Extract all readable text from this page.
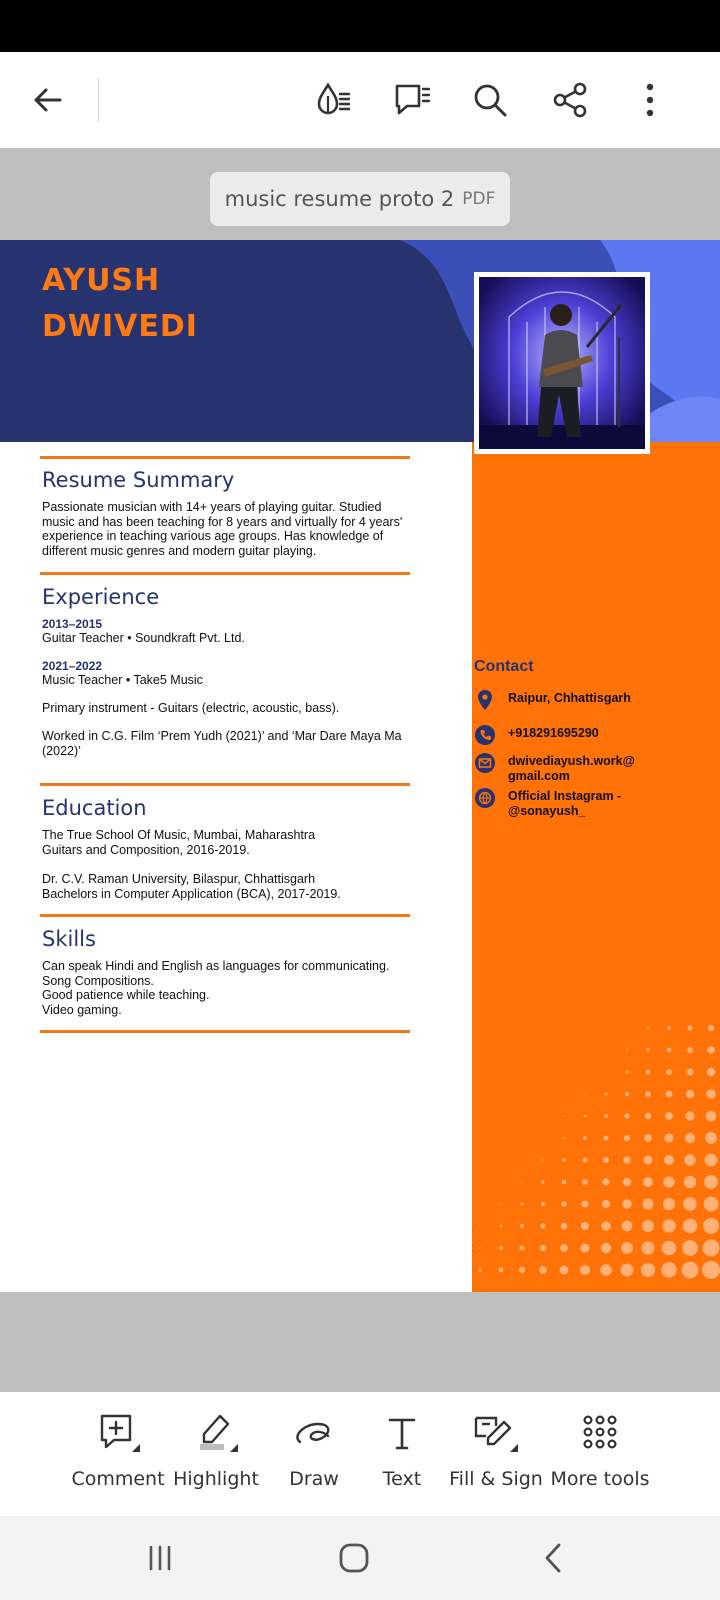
music resume proto 2 PDF
AYUSH
DWIVEDI
Resume Summary
Passionate musician with 14+ years of playing guitar. Studied music and has been teaching for 8 years and virtually for 4 years' experience in teaching various age groups. Has knowledge of different music genres and modern guitar playing.
Experience
2013–2015
Guitar Teacher • Soundkraft Pvt. Ltd.
2021–2022
Music Teacher • Take5 Music
Primary instrument - Guitars (electric, acoustic, bass).
Worked in C.G. Film ‘Prem Yudh (2021)’ and ‘Mar Dare Maya Ma (2022)’
Education
The True School Of Music, Mumbai, Maharashtra
Guitars and Composition, 2016-2019.
Dr. C.V. Raman University, Bilaspur, Chhattisgarh
Bachelors in Computer Application (BCA), 2017-2019.
Skills
Can speak Hindi and English as languages for communicating.
Song Compositions.
Good patience while teaching.
Video gaming.
Contact
Raipur, Chhattisgarh
+918291695290
dwivediayush.work@
gmail.com
Official Instagram -
@sonayush_
Comment Highlight Draw Text Fill & Sign More tools
